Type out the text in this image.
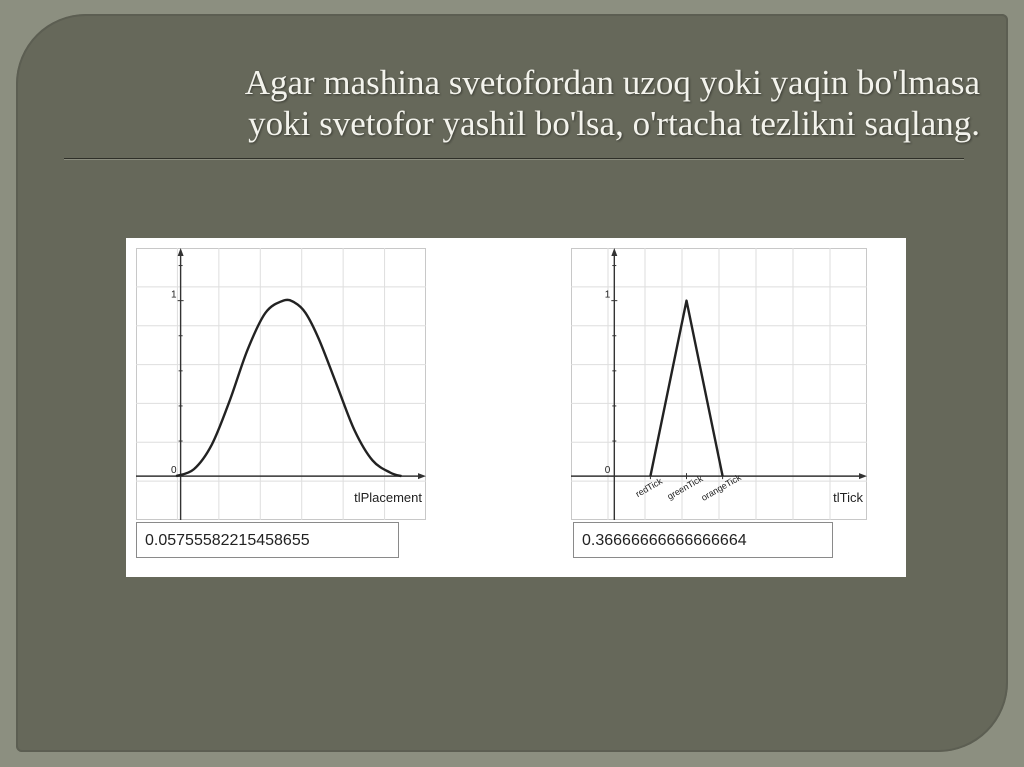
Agar mashina svetofordan uzoq yoki yaqin bo'lmasa
yoki svetofor yashil bo'lsa, o'rtacha tezlikni saqlang.
0
1
tlPlacement
0
1
redTick greenTick
orangeTick	tlTick
0.05755582215458655	0.36666666666666664
